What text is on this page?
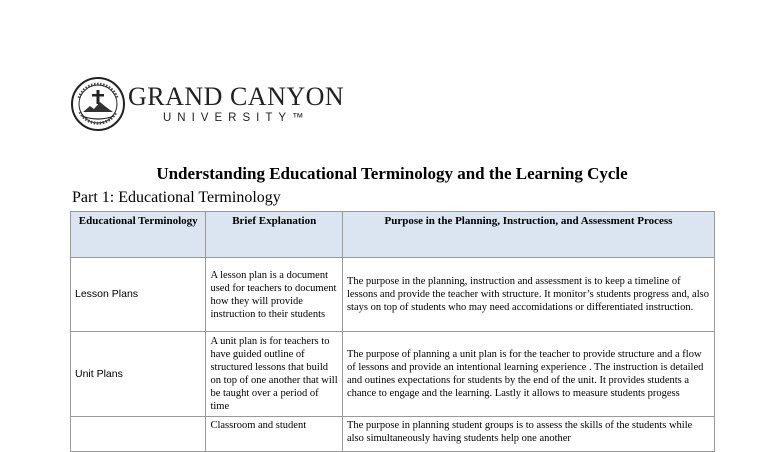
GRAND CANYON
UNIVERSITY™
Understanding Educational Terminology and the Learning Cycle
Part 1: Educational Terminology
Educational Terminology	Brief Explanation	Purpose in the Planning, Instruction, and Assessment Process
Lesson Plans	A lesson plan is a document used for teachers to document how they will provide instruction to their students	The purpose in the planning, instruction and assessment is to keep a timeline of lessons and provide the teacher with structure. It monitor’s students progress and, also stays on top of students who may need accomidations or differentiated instruction.
Unit Plans	A unit plan is for teachers to have guided outline of structured lessons that build on top of one another that will be taught over a period of time	The purpose of planning a unit plan is for the teacher to provide structure and a flow of lessons and provide an intentional learning experience . The instruction is detailed and outines expectations for students by the end of the unit. It provides students a chance to engage and the learning. Lastly it allows to measure students progess
	Classroom and student	The purpose in planning student groups is to assess the skills of the students while also simultaneously having students help one another
